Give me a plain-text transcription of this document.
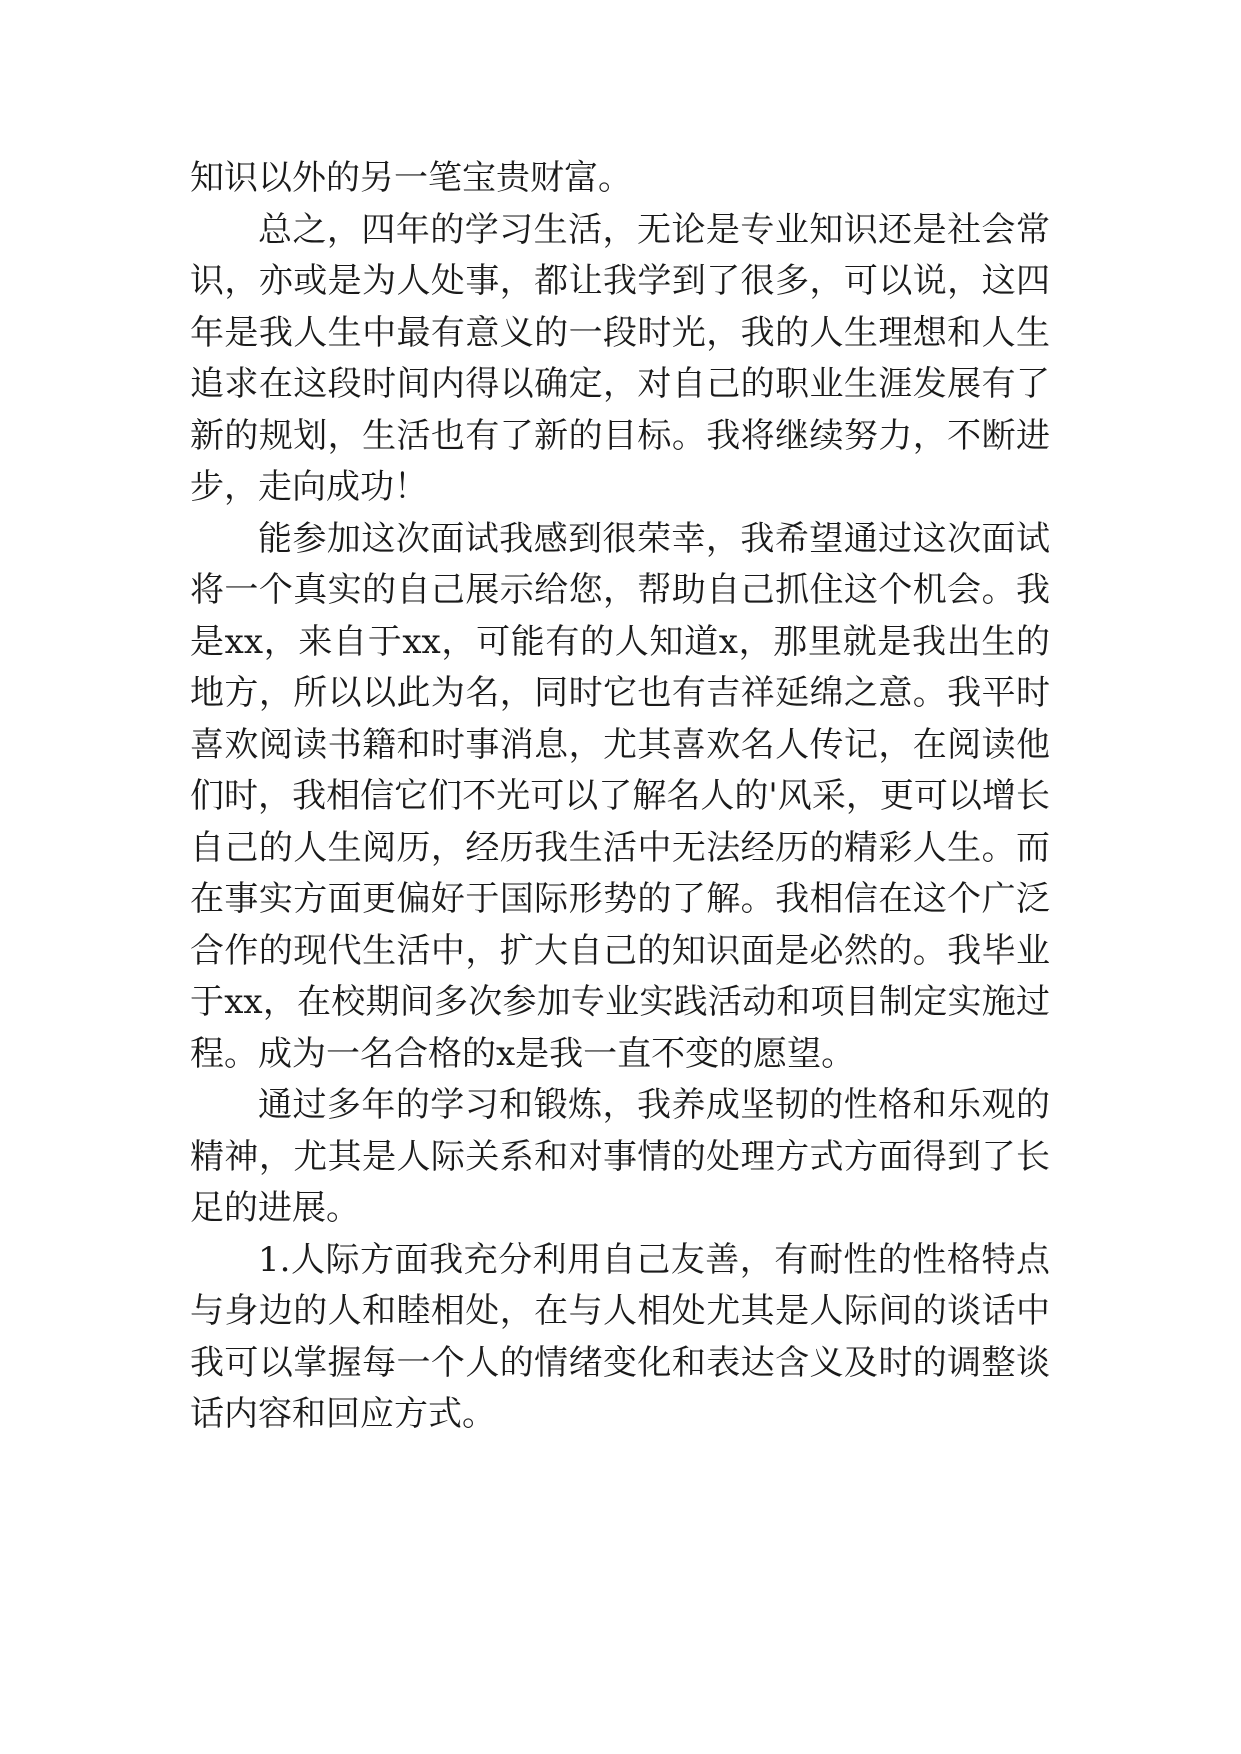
知识以外的另一笔宝贵财富。

总之，四年的学习生活，无论是专业知识还是社会常识，亦或是为人处事，都让我学到了很多，可以说，这四年是我人生中最有意义的一段时光，我的人生理想和人生追求在这段时间内得以确定，对自己的职业生涯发展有了新的规划，生活也有了新的目标。我将继续努力，不断进步，走向成功！

能参加这次面试我感到很荣幸，我希望通过这次面试将一个真实的自己展示给您，帮助自己抓住这个机会。我是xx，来自于xx，可能有的人知道x，那里就是我出生的地方，所以以此为名，同时它也有吉祥延绵之意。我平时喜欢阅读书籍和时事消息，尤其喜欢名人传记，在阅读他们时，我相信它们不光可以了解名人的'风采，更可以增长自己的人生阅历，经历我生活中无法经历的精彩人生。而在事实方面更偏好于国际形势的了解。我相信在这个广泛合作的现代生活中，扩大自己的知识面是必然的。我毕业于xx，在校期间多次参加专业实践活动和项目制定实施过程。成为一名合格的x是我一直不变的愿望。

通过多年的学习和锻炼，我养成坚韧的性格和乐观的精神，尤其是人际关系和对事情的处理方式方面得到了长足的进展。

1.人际方面我充分利用自己友善，有耐性的性格特点与身边的人和睦相处，在与人相处尤其是人际间的谈话中我可以掌握每一个人的情绪变化和表达含义及时的调整谈话内容和回应方式。
